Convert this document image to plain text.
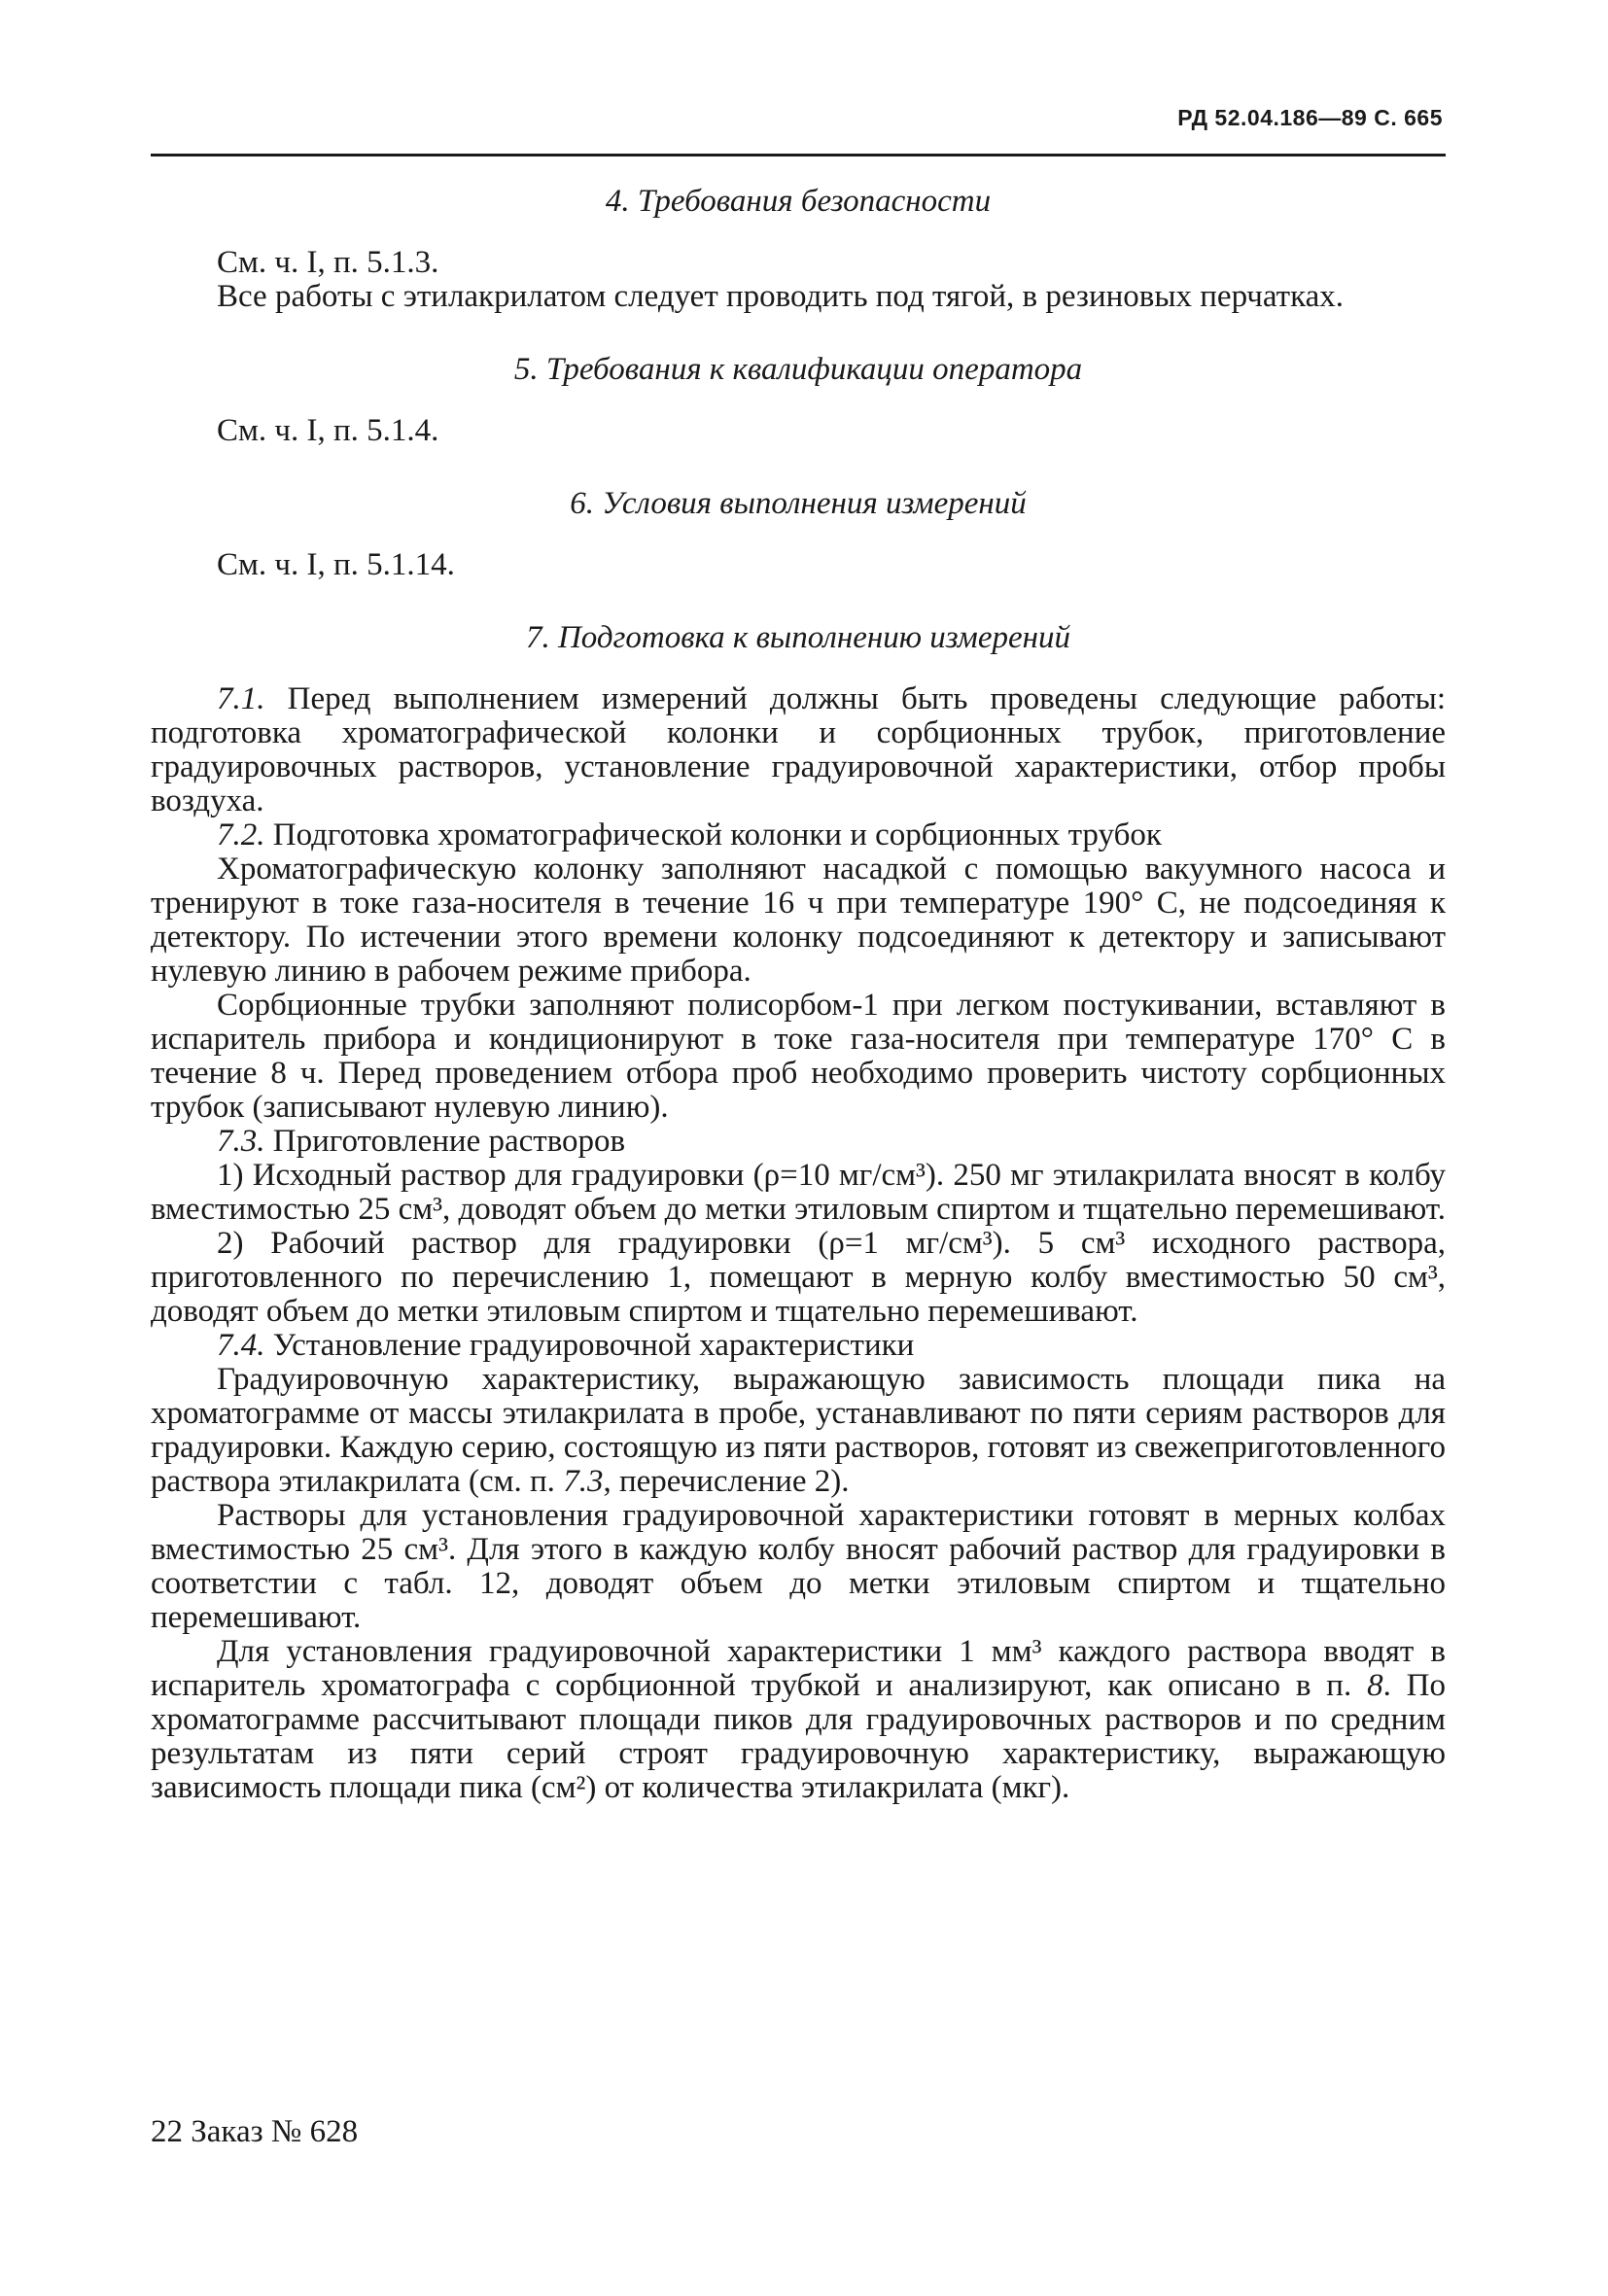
РД 52.04.186—89 С. 665

4. Требования безопасности

См. ч. I, п. 5.1.3.

Все работы с этилакрилатом следует проводить под тягой, в резиновых перчатках.

5. Требования к квалификации оператора

См. ч. I, п. 5.1.4.

6. Условия выполнения измерений

См. ч. I, п. 5.1.14.

7. Подготовка к выполнению измерений

7.1. Перед выполнением измерений должны быть проведены следующие работы: подготовка хроматографической колонки и сорбционных трубок, приготовление градуировочных растворов, установление градуировочной характеристики, отбор пробы воздуха.

7.2. Подготовка хроматографической колонки и сорбционных трубок

Хроматографическую колонку заполняют насадкой с помощью вакуумного насоса и тренируют в токе газа-носителя в течение 16 ч при температуре 190° С, не подсоединяя к детектору. По истечении этого времени колонку подсоединяют к детектору и записывают нулевую линию в рабочем режиме прибора.

Сорбционные трубки заполняют полисорбом-1 при легком постукивании, вставляют в испаритель прибора и кондиционируют в токе газа-носителя при температуре 170° С в течение 8 ч. Перед проведением отбора проб необходимо проверить чистоту сорбционных трубок (записывают нулевую линию).

7.3. Приготовление растворов

1) Исходный раствор для градуировки (ρ=10 мг/см³). 250 мг этилакрилата вносят в колбу вместимостью 25 см³, доводят объем до метки этиловым спиртом и тщательно перемешивают.

2) Рабочий раствор для градуировки (ρ=1 мг/см³). 5 см³ исходного раствора, приготовленного по перечислению 1, помещают в мерную колбу вместимостью 50 см³, доводят объем до метки этиловым спиртом и тщательно перемешивают.

7.4. Установление градуировочной характеристики

Градуировочную характеристику, выражающую зависимость площади пика на хроматограмме от массы этилакрилата в пробе, устанавливают по пяти сериям растворов для градуировки. Каждую серию, состоящую из пяти растворов, готовят из свежеприготовленного раствора этилакрилата (см. п. 7.3, перечисление 2).

Растворы для установления градуировочной характеристики готовят в мерных колбах вместимостью 25 см³. Для этого в каждую колбу вносят рабочий раствор для градуировки в соответстии с табл. 12, доводят объем до метки этиловым спиртом и тщательно перемешивают.

Для установления градуировочной характеристики 1 мм³ каждого раствора вводят в испаритель хроматографа с сорбционной трубкой и анализируют, как описано в п. 8. По хроматограмме рассчитывают площади пиков для градуировочных растворов и по средним результатам из пяти серий строят градуировочную характеристику, выражающую зависимость площади пика (см²) от количества этилакрилата (мкг).

22 Заказ № 628
